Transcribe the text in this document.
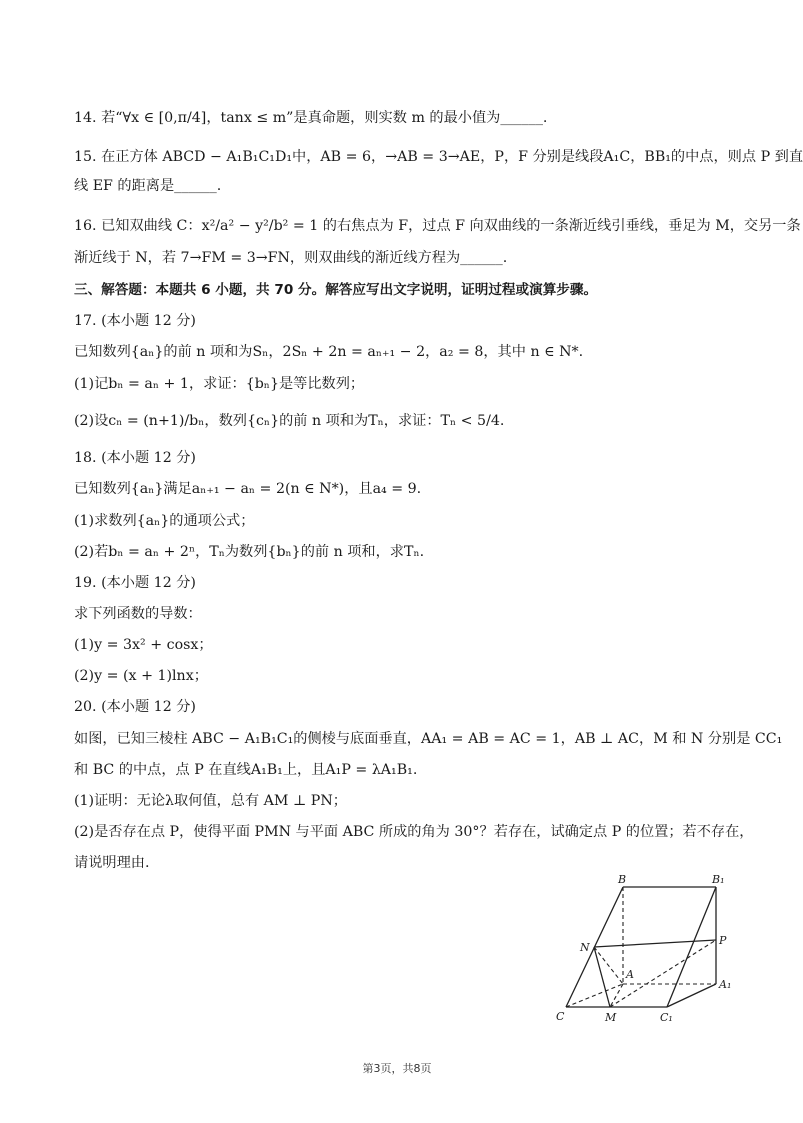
14. 若“∀x ∈ [0,π/4]，tanx ≤ m”是真命题，则实数 m 的最小值为______.
15. 在正方体 ABCD − A₁B₁C₁D₁中，AB = 6，→AB = 3→AE，P，F 分别是线段A₁C，BB₁的中点，则点 P 到直
线 EF 的距离是______.
16. 已知双曲线 C：x²/a² − y²/b² = 1 的右焦点为 F，过点 F 向双曲线的一条渐近线引垂线，垂足为 M，交另一条
渐近线于 N，若 7→FM = 3→FN，则双曲线的渐近线方程为______.
三、解答题：本题共 6 小题，共 70 分。解答应写出文字说明，证明过程或演算步骤。
17. (本小题 12 分)
已知数列{aₙ}的前 n 项和为Sₙ，2Sₙ + 2n = aₙ₊₁ − 2，a₂ = 8，其中 n ∈ N*.
(1)记bₙ = aₙ + 1，求证：{bₙ}是等比数列；
(2)设cₙ = (n+1)/bₙ，数列{cₙ}的前 n 项和为Tₙ，求证：Tₙ < 5/4.
18. (本小题 12 分)
已知数列{aₙ}满足aₙ₊₁ − aₙ = 2(n ∈ N*)，且a₄ = 9.
(1)求数列{aₙ}的通项公式；
(2)若bₙ = aₙ + 2ⁿ，Tₙ为数列{bₙ}的前 n 项和，求Tₙ.
19. (本小题 12 分)
求下列函数的导数：
(1)y = 3x² + cosx；
(2)y = (x + 1)lnx；
20. (本小题 12 分)
如图，已知三棱柱 ABC − A₁B₁C₁的侧棱与底面垂直，AA₁ = AB = AC = 1，AB ⊥ AC，M 和 N 分别是 CC₁
和 BC 的中点，点 P 在直线A₁B₁上，且A₁P = λA₁B₁.
(1)证明：无论λ取何值，总有 AM ⊥ PN；
(2)是否存在点 P，使得平面 PMN 与平面 ABC 所成的角为 30°？若存在，试确定点 P 的位置；若不存在，
请说明理由.
B	B₁
N
P
A
A₁
C	M	C₁
第3页，共8页
